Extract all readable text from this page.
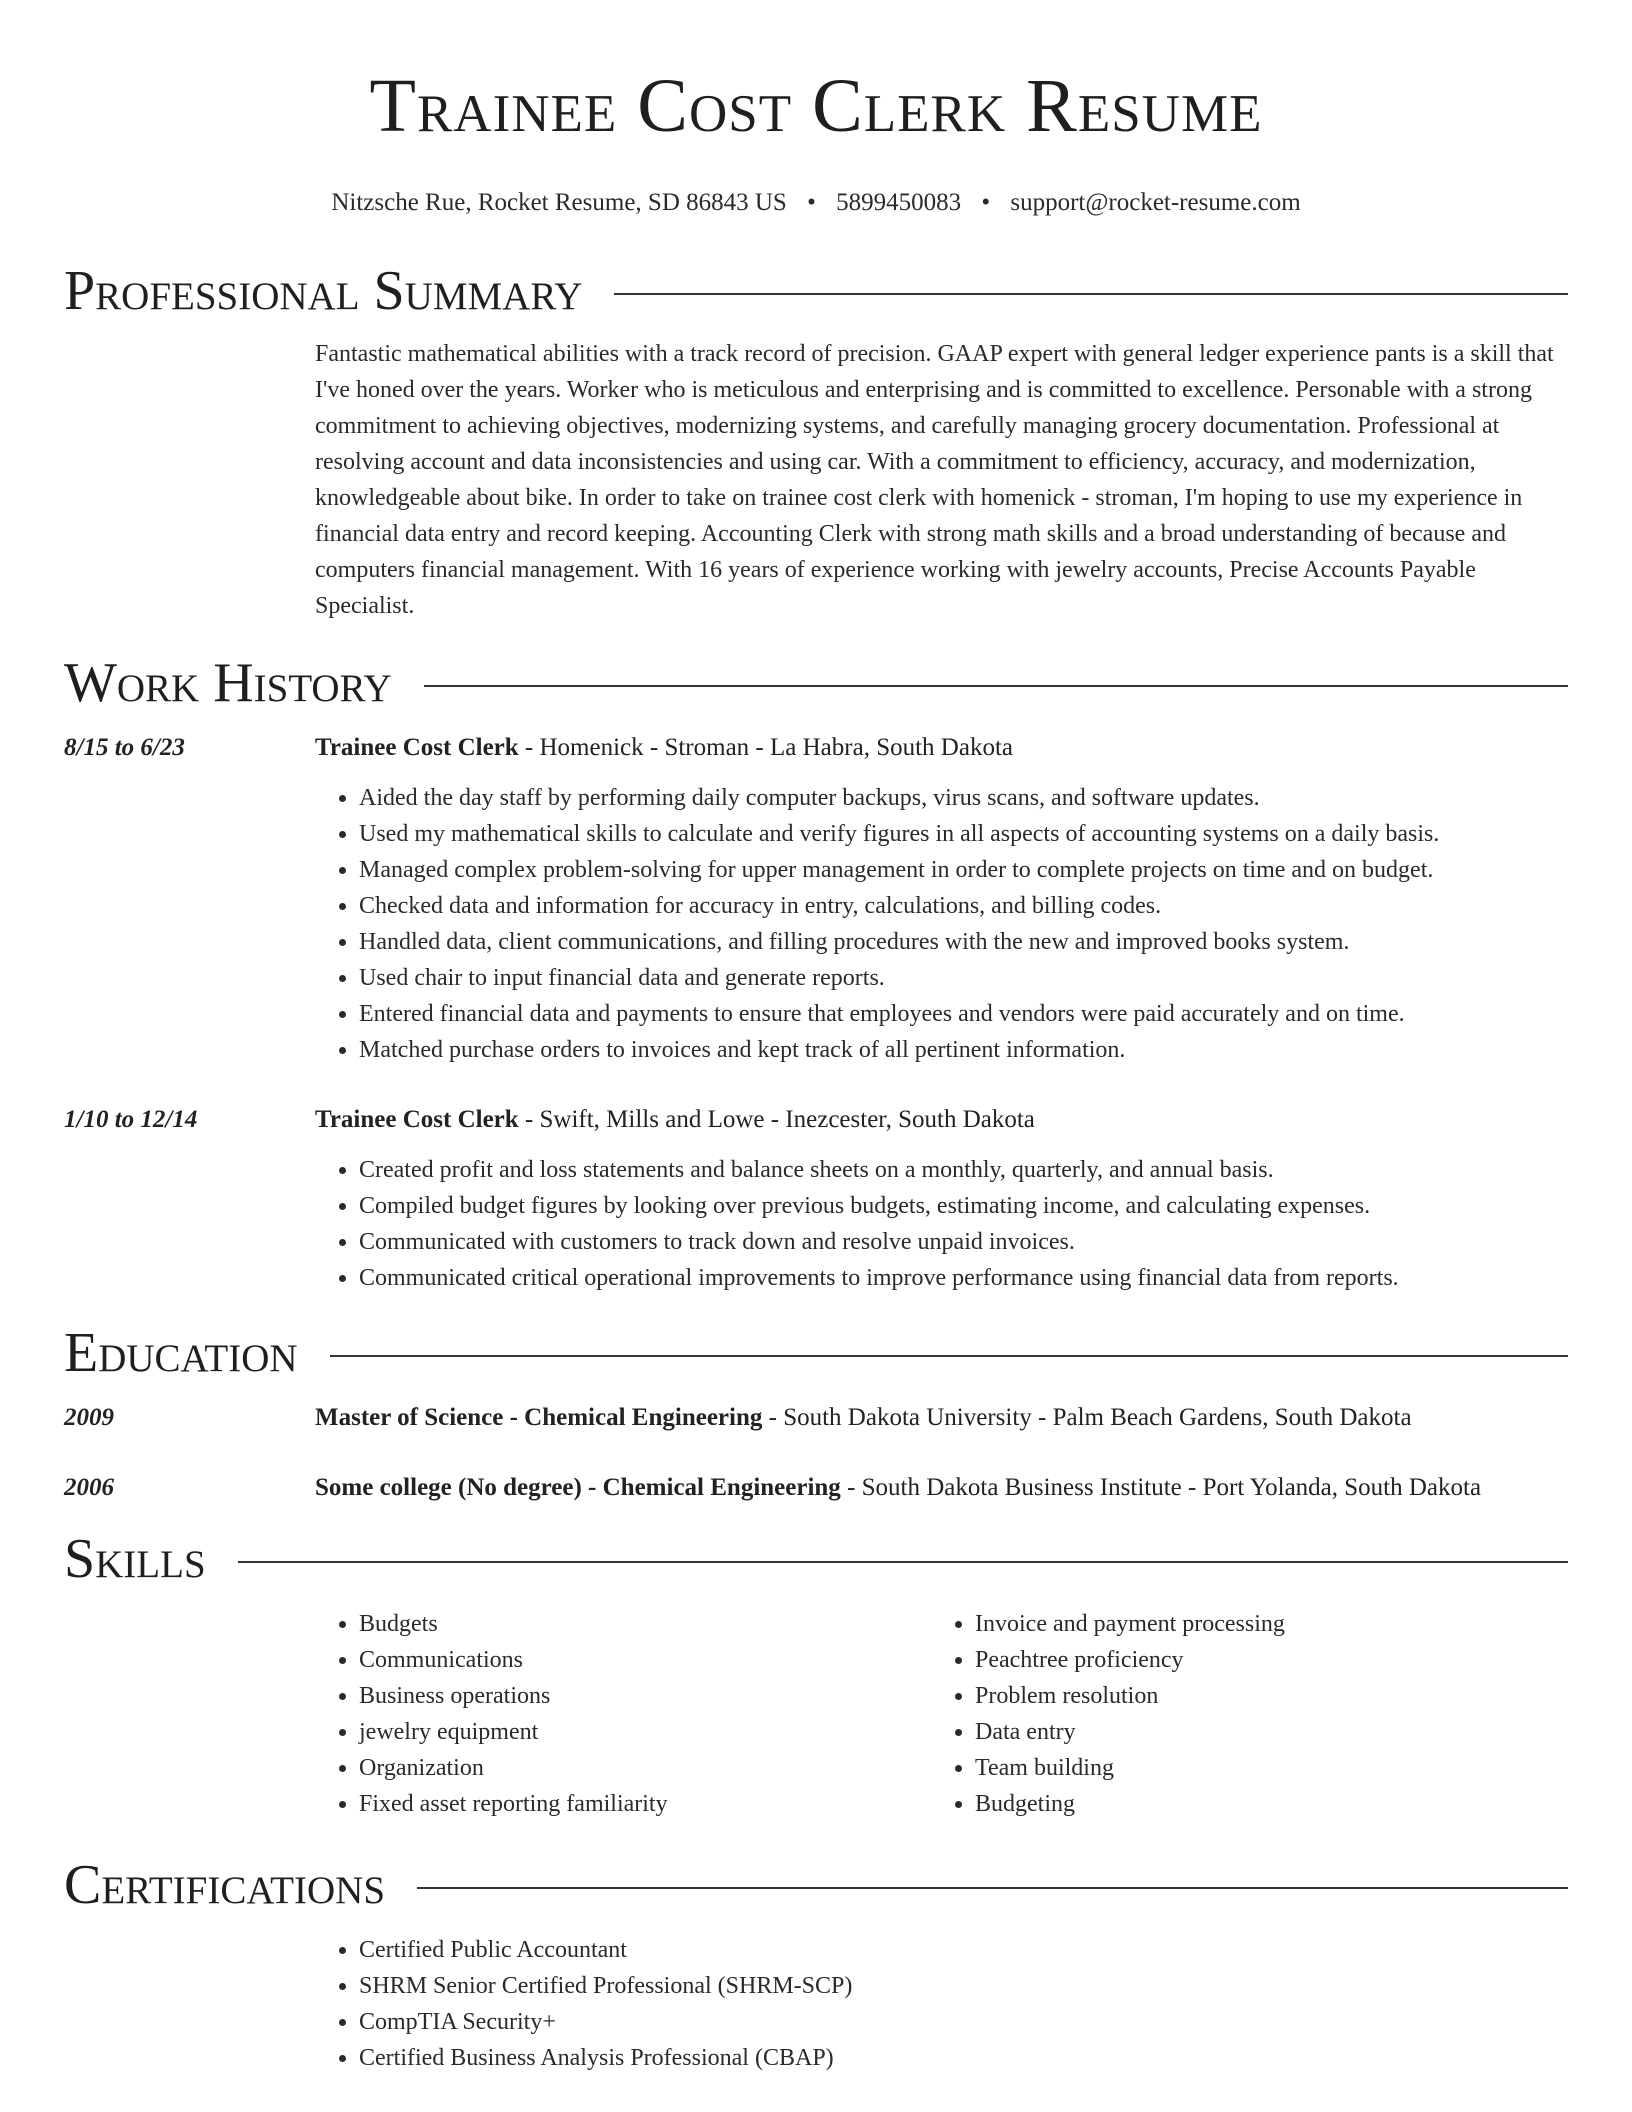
Trainee Cost Clerk Resume
Nitzsche Rue, Rocket Resume, SD 86843 US • 5899450083 • support@rocket-resume.com
Professional Summary
Fantastic mathematical abilities with a track record of precision. GAAP expert with general ledger experience pants is a skill that I've honed over the years. Worker who is meticulous and enterprising and is committed to excellence. Personable with a strong commitment to achieving objectives, modernizing systems, and carefully managing grocery documentation. Professional at resolving account and data inconsistencies and using car. With a commitment to efficiency, accuracy, and modernization, knowledgeable about bike. In order to take on trainee cost clerk with homenick - stroman, I'm hoping to use my experience in financial data entry and record keeping. Accounting Clerk with strong math skills and a broad understanding of because and computers financial management. With 16 years of experience working with jewelry accounts, Precise Accounts Payable Specialist.
Work History
8/15 to 6/23	Trainee Cost Clerk - Homenick - Stroman - La Habra, South Dakota
• Aided the day staff by performing daily computer backups, virus scans, and software updates.
• Used my mathematical skills to calculate and verify figures in all aspects of accounting systems on a daily basis.
• Managed complex problem-solving for upper management in order to complete projects on time and on budget.
• Checked data and information for accuracy in entry, calculations, and billing codes.
• Handled data, client communications, and filling procedures with the new and improved books system.
• Used chair to input financial data and generate reports.
• Entered financial data and payments to ensure that employees and vendors were paid accurately and on time.
• Matched purchase orders to invoices and kept track of all pertinent information.
1/10 to 12/14	Trainee Cost Clerk - Swift, Mills and Lowe - Inezcester, South Dakota
• Created profit and loss statements and balance sheets on a monthly, quarterly, and annual basis.
• Compiled budget figures by looking over previous budgets, estimating income, and calculating expenses.
• Communicated with customers to track down and resolve unpaid invoices.
• Communicated critical operational improvements to improve performance using financial data from reports.
Education
2009	Master of Science - Chemical Engineering - South Dakota University - Palm Beach Gardens, South Dakota
2006	Some college (No degree) - Chemical Engineering - South Dakota Business Institute - Port Yolanda, South Dakota
Skills
• Budgets
• Communications
• Business operations
• jewelry equipment
• Organization
• Fixed asset reporting familiarity
• Invoice and payment processing
• Peachtree proficiency
• Problem resolution
• Data entry
• Team building
• Budgeting
Certifications
• Certified Public Accountant
• SHRM Senior Certified Professional (SHRM-SCP)
• CompTIA Security+
• Certified Business Analysis Professional (CBAP)
